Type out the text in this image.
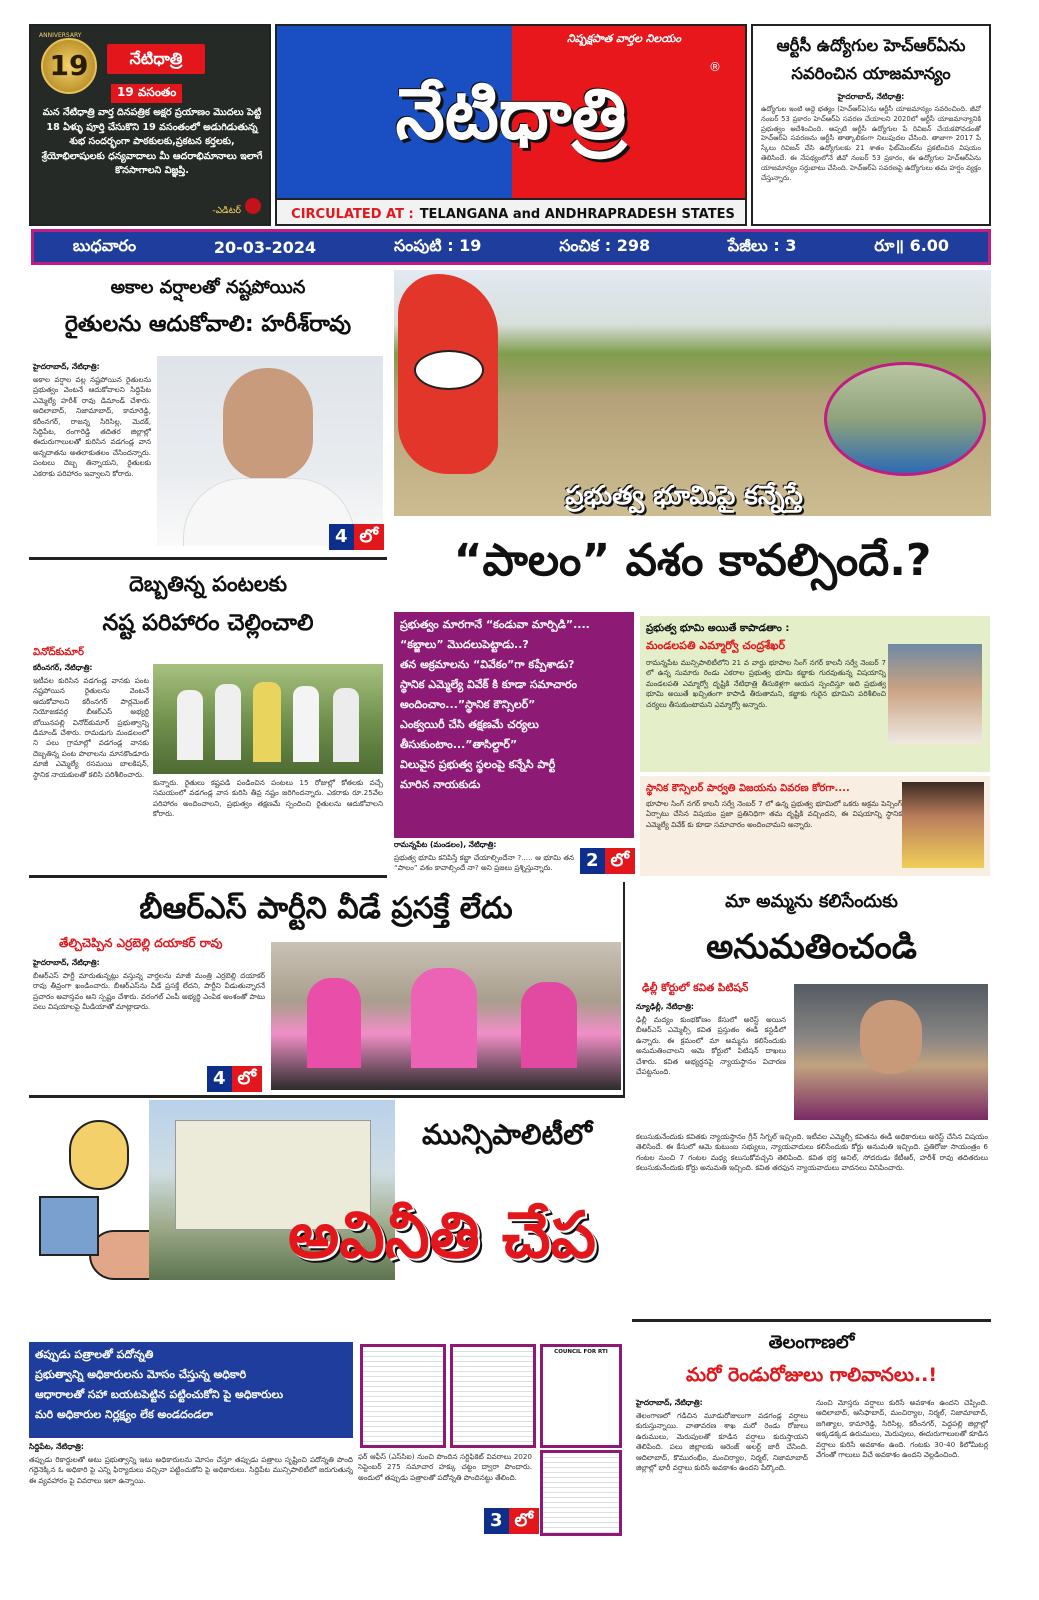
19
ANNIVERSARY
నేటిధాత్రి
19 వసంతం
మన నేటిధాత్రి వార్త దినపత్రిక అక్షర ప్రయాణం మొదలు పెట్టి 18 ఏళ్ళు పూర్తి చేసుకొని 19 వసంతంలో అడుగిడుతున్న శుభ సందర్భంగా పాఠకులకు,ప్రకటన కర్తలకు, శ్రేయోభిలాషులకు ధన్యవాదాలు మీ ఆదరాభిమానాలు ఇలాగే కొనసాగాలని విజ్ఞప్తి.
-ఎడిటర్
నిష్పక్షపాత వార్తల నిలయం
®
నేటిధాత్రి
CIRCULATED AT : TELANGANA and ANDHRAPRADESH STATES
ఆర్టీసీ ఉద్యోగుల హెచ్ఆర్ఏను సవరించిన యాజమాన్యం
హైదరాబాద్, నేటిధాత్రి:
ఉద్యోగుల ఇంటి అద్దె భత్యం (హెచ్ఆర్ఏ)ను ఆర్టీసీ యాజమాన్యం సవరించింది. జీవో నంబర్ 53 ప్రకారం హెచ్ఆర్ఏ సవరణ చేయాలని 2020లో ఆర్టీసీ యాజమాన్యానికి ప్రభుత్వం ఆదేశించింది. అప్పటి ఆర్టీసీ ఉద్యోగుల పే రివిజన్ చేయకపోవడంతో హెచ్ఆర్ఏ సవరణను ఆర్టీసీ తాత్కాలికంగా నిలుపుదల చేసింది. తాజాగా 2017 పే స్కేలు రివిజన్ చేసి ఉద్యోగులకు 21 శాతం ఫిట్‌మెంట్‌ను ప్రకటించిన విషయం తెలిసిందే. ఈ నేపథ్యంలోనే జీవో నంబర్ 53 ప్రకారం, ఈ ఉద్యోగుల హెచ్ఆర్ఏను యాజమాన్యం సర్దుబాటు చేసింది. హెచ్ఆర్ఏ సవరణపై ఉద్యోగులు తమ హర్షం వ్యక్తం చేస్తున్నారు.
బుధవారం	20-03-2024	సంపుటి : 19	సంచిక : 298	పేజీలు : 3	రూ॥ 6.00
అకాల వర్షాలతో నష్టపోయిన
రైతులను ఆదుకోవాలి: హరీశ్‌రావు
హైదరాబాద్, నేటిధాత్రి:
అకాల వర్షాల వల్ల నష్టపోయిన రైతులను ప్రభుత్వం వెంటనే ఆదుకోవాలని సిద్ధిపేట ఎమ్మెల్యే హరీశ్ రావు డిమాండ్ చేశారు. ఆదిలాబాద్, నిజామాబాద్, కామారెడ్డి, కరీంనగర్, రాజన్న సిరిసిల్ల, మెదక్, సిద్దిపేట, రంగారెడ్డి తదితర జిల్లాల్లో ఈదురుగాలులతో కురిసిన వడగండ్ల వాన అన్నదాతను అతలాకుతలం చేసిందన్నారు. పంటలు దెబ్బ తిన్నాయని, రైతులకు ఎకరాకు పరిహారం ఇవ్వాలని కోరారు.
4 లో
దెబ్బతిన్న పంటలకు
నష్ట పరిహారం చెల్లించాలి
వినోద్‌కుమార్
కరీంనగర్, నేటిధాత్రి:
ఇటీవల కురిసిన వడగండ్ల వానకు పంట నష్టపోయిన రైతులను వెంటనే ఆదుకోవాలని కరీంనగర్ పార్లమెంట్ నియోజకవర్గ బీఆర్ఎస్ అభ్యర్థి బోయినపల్లి వినోద్‌కుమార్ ప్రభుత్వాన్ని డిమాండ్ చేశారు. రామడుగు మండలంలో ని పలు గ్రామాల్లో వడగండ్ల వానకు దెబ్బతిన్న పంట పొలాలను మానకొండూరు మాజీ ఎమ్మెల్యే రసమయి బాలకిషన్, స్థానిక నాయకులతో కలిసి పరిశీలించారు.
కున్నారు. రైతులు కష్టపడి పండించిన పంటలు 15 రోజుల్లో కోతలకు వచ్చే సమయంలో వడగండ్ల వాన కురిసి తీవ్ర నష్టం జరిగిందన్నారు. ఎకరాకు రూ.25వేల పరిహారం అందించాలని, ప్రభుత్వం తక్షణమే స్పందించి రైతులను ఆదుకోవాలని కోరారు.
ప్రభుత్వ భూమిపై కన్నేస్తే
“పాలం” వశం కావల్సిందే.?
ప్రభుత్వం మారగానే “కండువా మార్పిడి”....
“కబ్జాలు” మొదలుపెట్టాడు..?
తన అక్రమాలను “వివేకం”గా కప్పేశాడు?
స్థానిక ఎమ్మెల్యే వివేక్ కి కూడా సమాచారం
అందించాం...”స్థానిక కౌన్సిలర్”
ఎంక్వయిరీ చేసి తక్షణమే చర్యలు
తీసుకుంటాం...”తాసిల్దార్”
విలువైన ప్రభుత్వ స్థలంపై కన్నేసి పార్టీ
మారిన నాయకుడు
రామన్నపేట (మండలం), నేటిధాత్రి:
ప్రభుత్వ భూమి కనిపిస్తే కబ్జా చేయాల్సిందేనా ?..... ఆ భూమి తన “పాలం” వశం కావాల్సిందే నా? అని ప్రజలు ప్రశ్నిస్తున్నారు.	2 లో
ప్రభుత్వ భూమి అయితే కాపాడతాం :
మండలపతి ఎమ్మార్వో చంద్రశేఖర్
రామన్నపేట మున్సిపాలిటీలోని 21 వ వార్డు భూపాల సింగ్ నగర్ కాలనీ సర్వే నెంబర్ 7 లో ఉన్న సుమారు రెండు ఎకరాల ప్రభుత్వ భూమి కబ్జాకు గురవుతున్న విషయాన్ని మండలపతి ఎమ్మార్వో దృష్టికి నేటిధాత్రి తీసుకెళ్లగా ఆయన స్పందిస్తూ అది ప్రభుత్వ భూమి అయితే ఖచ్చితంగా కాపాడి తీరుతామని, కబ్జాకు గురైన భూమిని పరిశీలించి చర్యలు తీసుకుంటామని ఎమ్మార్వో అన్నారు.
స్థానిక కౌన్సిలర్ పార్వతి విజయను వివరణ కోరగా....
భూపాల సింగ్ నగర్ కాలనీ సర్వే నెంబర్ 7 లో ఉన్న ప్రభుత్వ భూమిలో ఒకరు అక్రమ పెన్సింగ్ ఏర్పాటు చేసిన విషయం ప్రజా ప్రతినిధిగా తమ దృష్టికి వచ్చిందని, ఈ విషయాన్ని స్థానిక ఎమ్మెల్యే వివేక్ కు కూడా సమాచారం అందించామని అన్నారు.
బీఆర్ఎస్ పార్టీని వీడే ప్రసక్తే లేదు
తేల్చిచెప్పిన ఎర్రబెల్లి దయాకర్ రావు
హైదరాబాద్, నేటిధాత్రి:
బీఆర్ఎస్ పార్టీ మారుతున్నట్లు వస్తున్న వార్తలను మాజీ మంత్రి ఎర్రబెల్లి దయాకర్ రావు తీవ్రంగా ఖండించారు. బీఆర్ఎస్‌ను వీడే ప్రసక్తే లేదని, పార్టీని వీడుతున్నారనే ప్రచారం అవాస్తవం అని స్పష్టం చేశారు. వరంగల్ ఎంపీ అభ్యర్థి ఎంపిక అంశంతో పాటు పలు విషయాలపై మీడియాతో మాట్లాడారు.
4 లో
మా అమ్మను కలిసేందుకు
అనుమతించండి
ఢిల్లీ కోర్టులో కవిత పిటిషన్
న్యూఢిల్లీ, నేటిధాత్రి:
ఢిల్లీ మద్యం కుంభకోణం కేసులో అరెస్ట్ అయిన బీఆర్ఎస్ ఎమ్మెల్సీ కవిత ప్రస్తుతం ఈడీ కస్టడీలో ఉన్నారు. ఈ క్రమంలో మా అమ్మను కలిసేందుకు అనుమతించాలని ఆమె కోర్టులో పిటిషన్ దాఖలు చేశారు. కవిత అభ్యర్థనపై న్యాయస్థానం విచారణ చేపట్టనుంది.
కలుసుకునేందుకు కవితకు న్యాయస్థానం గ్రీన్ సిగ్నల్ ఇచ్చింది. ఇటీవల ఎమ్మెల్సీ కవితను ఈడీ అధికారులు అరెస్ట్ చేసిన విషయం తెలిసిందే. ఈ కేసులో ఆమె కుటుంబ సభ్యులు, న్యాయవాదులు కలిసేందుకు కోర్టు అనుమతి ఇచ్చింది. ప్రతిరోజు సాయంత్రం 6 గంటల నుంచి 7 గంటల మధ్య కలుసుకోవచ్చని తెలిపింది. కవిత భర్త అనిల్, సోదరుడు కేటీఆర్, హరీశ్ రావు తదితరులు కలుసుకునేందుకు కోర్టు అనుమతి ఇచ్చింది. కవిత తరఫున న్యాయవాదులు వాదనలు వినిపించారు.
మున్సిపాలిటీలో
అవినీతి చేప
తప్పుడు పత్రాలతో పదోన్నతి
ప్రభుత్వాన్ని అధికారులను మోసం చేస్తున్న అధికారి
ఆధారాలతో సహా బయటపెట్టిన పట్టించుకోని పై అధికారులు
మరి అధికారుల నిర్లక్ష్యం లేక అండదండలా
సిద్దిపేట, నేటిధాత్రి:
తప్పుడు రికార్డులతో అటు ప్రభుత్వాన్ని ఇటు అధికారులను మోసం చేస్తూ తప్పుడు పత్రాలు సృష్టించి పదోన్నతి పొంది గద్దెనెక్కిన ఓ అధికారి పై ఎన్ని ఫిర్యాదులు వచ్చినా పట్టించుకోని పై అధికారులు. సిద్దిపేట మున్సిపాలిటీలో జరుగుతున్న ఈ వ్యవహారం పై వివరాలు ఇలా ఉన్నాయి.
COUNCIL FOR RTI
ఫర్ ఆఫీస్ (ఎస్‌సిఐ) నుంచి పొందిన సర్టిఫికెట్ వివరాలు 2020 సెప్టెంబర్ 275 సమాచార హక్కు చట్టం ద్వారా పొందారు. అందులో తప్పుడు పత్రాలతో పదోన్నతి పొందినట్టు తేలింది.
3 లో
తెలంగాణలో
మరో రెండురోజులు గాలివానలు..!
హైదరాబాద్, నేటిధాత్రి:
తెలంగాణలో గడిచిన మూడురోజులుగా వడగండ్ల వర్షాలు కురుస్తున్నాయి. వాతావరణ శాఖ మరో రెండు రోజులు ఉరుములు, మెరుపులతో కూడిన వర్షాలు కురుస్తాయని తెలిపింది. పలు జిల్లాలకు ఆరెంజ్ అలర్ట్ జారీ చేసింది. ఆదిలాబాద్, కొమురంభీం, మంచిర్యాల, నిర్మల్, నిజామాబాద్ జిల్లాల్లో భారీ వర్షాలు కురిసే అవకాశం ఉందని పేర్కొంది.
నుంచి మోస్తరు వర్షాలు కురిసే అవకాశం ఉందని చెప్పింది. ఆదిలాబాద్, ఆసిఫాబాద్, మంచిర్యాల, నిర్మల్, నిజామాబాద్, జగిత్యాల, కామారెడ్డి, సిరిసిల్ల, కరీంనగర్, పెద్దపల్లి జిల్లాల్లో అక్కడక్కడ ఉరుములు, మెరుపులు, ఈదురుగాలులతో కూడిన వర్షాలు కురిసే అవకాశం ఉంది. గంటకు 30-40 కిలోమీటర్ల వేగంతో గాలులు వీచే అవకాశం ఉందని వెల్లడించింది.
